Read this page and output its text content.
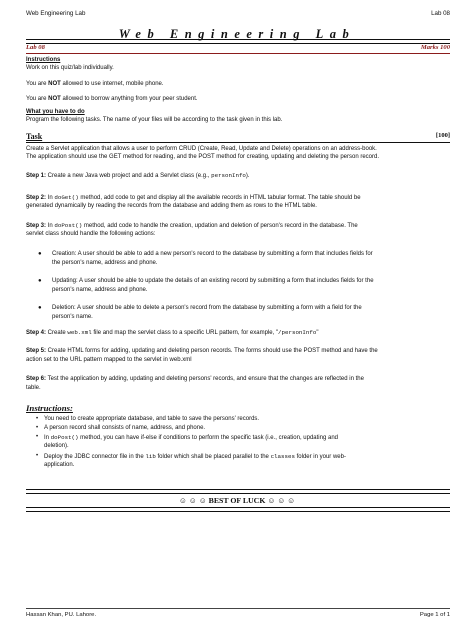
Web Engineering Lab	Lab 08
Web Engineering Lab
Lab 08	Marks 100
Instructions
Work on this quiz/lab individually.
You are NOT allowed to use internet, mobile phone.
You are NOT allowed to borrow anything from your peer student.
What you have to do
Program the following tasks. The name of your files will be according to the task given in this lab.
Task	[100]
Create a Servlet application that allows a user to perform CRUD (Create, Read, Update and Delete) operations on an address-book.
The application should use the GET method for reading, and the POST method for creating, updating and deleting the person record.
Step 1: Create a new Java web project and add a Servlet class (e.g., personInfo).
Step 2: In doGet() method, add code to get and display all the available records in HTML tabular format. The table should be
generated dynamically by reading the records from the database and adding them as rows to the HTML table.
Step 3: In doPost() method, add code to handle the creation, updation and deletion of person's record in the database. The
servlet class should handle the following actions:
●	Creation: A user should be able to add a new person's record to the database by submitting a form that includes fields for
the person's name, address and phone.
●	Updating: A user should be able to update the details of an existing record by submitting a form that includes fields for the
person's name, address and phone.
●	Deletion: A user should be able to delete a person's record from the database by submitting a form with a field for the
person's name.
Step 4: Create web.xml file and map the servlet class to a specific URL pattern, for example, "/personInfo"
Step 5: Create HTML forms for adding, updating and deleting person records. The forms should use the POST method and have the
action set to the URL pattern mapped to the servlet in web.xml
Step 6: Test the application by adding, updating and deleting persons' records, and ensure that the changes are reflected in the
table.
Instructions:
• You need to create appropriate database, and table to save the persons' records.
• A person record shall consists of name, address, and phone.
• In doPost() method, you can have if-else if conditions to perform the specific task (i.e., creation, updating and
deletion).
• Deploy the JDBC connector file in the lib folder which shall be placed parallel to the classes folder in your web-
application.
☺ ☺ ☺ BEST OF LUCK ☺ ☺ ☺
Hassan Khan, PU. Lahore.	Page 1 of 1
